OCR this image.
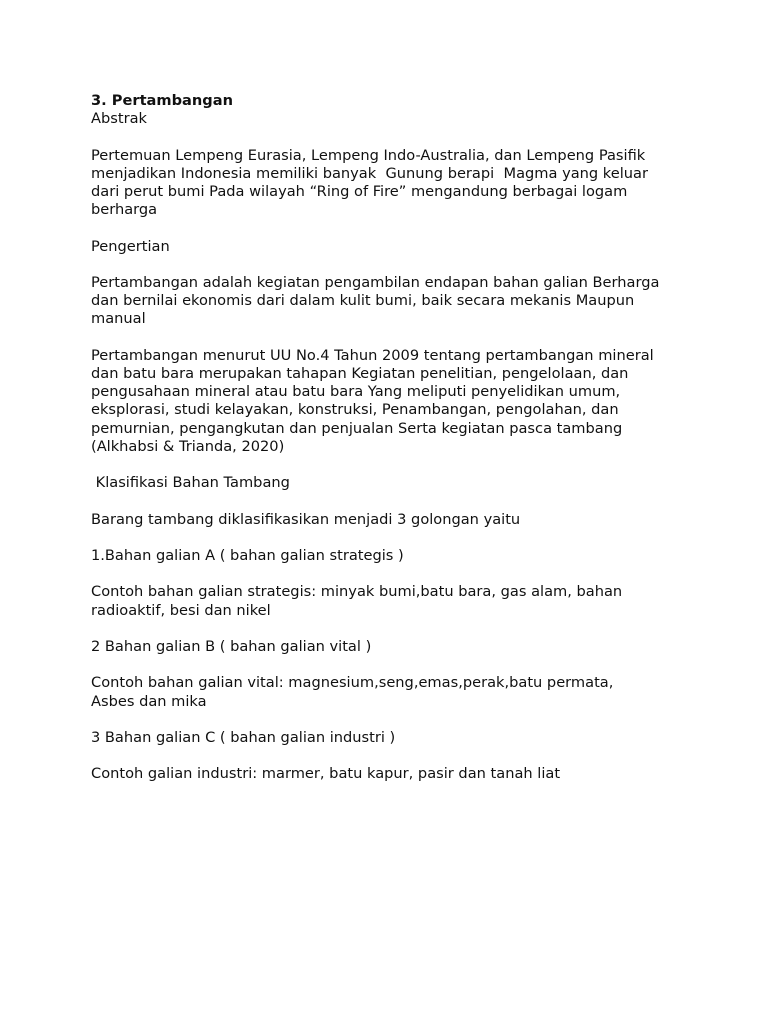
3. Pertambangan

Abstrak

Pertemuan Lempeng Eurasia, Lempeng Indo-Australia, dan Lempeng Pasifik

menjadikan Indonesia memiliki banyak  Gunung berapi  Magma yang keluar

dari perut bumi Pada wilayah “Ring of Fire” mengandung berbagai logam

berharga

Pengertian

Pertambangan adalah kegiatan pengambilan endapan bahan galian Berharga

dan bernilai ekonomis dari dalam kulit bumi, baik secara mekanis Maupun

manual

Pertambangan menurut UU No.4 Tahun 2009 tentang pertambangan mineral

dan batu bara merupakan tahapan Kegiatan penelitian, pengelolaan, dan

pengusahaan mineral atau batu bara Yang meliputi penyelidikan umum,

eksplorasi, studi kelayakan, konstruksi, Penambangan, pengolahan, dan

pemurnian, pengangkutan dan penjualan Serta kegiatan pasca tambang

(Alkhabsi & Trianda, 2020)

Klasifikasi Bahan Tambang

Barang tambang diklasifikasikan menjadi 3 golongan yaitu

1.Bahan galian A ( bahan galian strategis )

Contoh bahan galian strategis: minyak bumi,batu bara, gas alam, bahan

radioaktif, besi dan nikel

2 Bahan galian B ( bahan galian vital )

Contoh bahan galian vital: magnesium,seng,emas,perak,batu permata,

Asbes dan mika

3 Bahan galian C ( bahan galian industri )

Contoh galian industri: marmer, batu kapur, pasir dan tanah liat
